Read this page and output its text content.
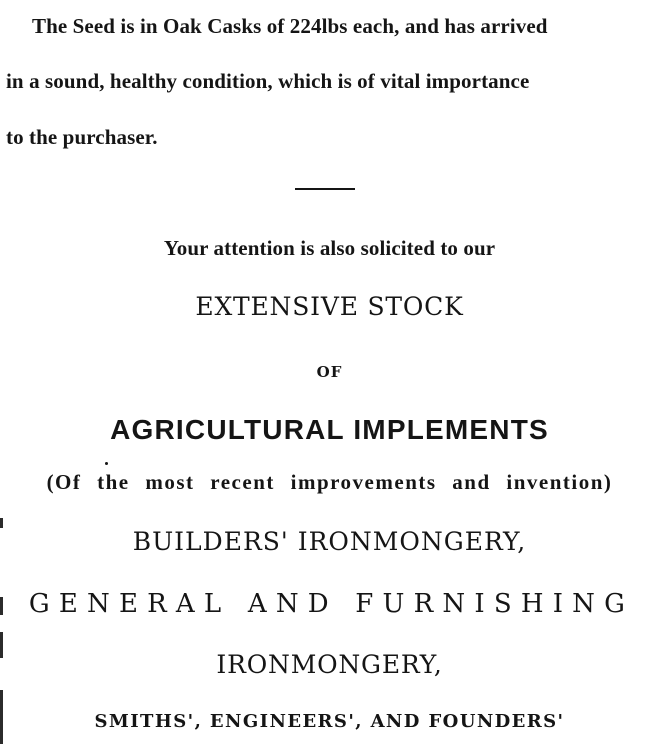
The Seed is in Oak Casks of 224lbs each, and has arrived
in a sound, healthy condition, which is of vital importance
to the purchaser.
Your attention is also solicited to our
EXTENSIVE STOCK
OF
AGRICULTURAL IMPLEMENTS
(Of the most recent improvements and invention)
BUILDERS' IRONMONGERY,
GENERAL AND FURNISHING
IRONMONGERY,
SMITHS', ENGINEERS', AND FOUNDERS'
